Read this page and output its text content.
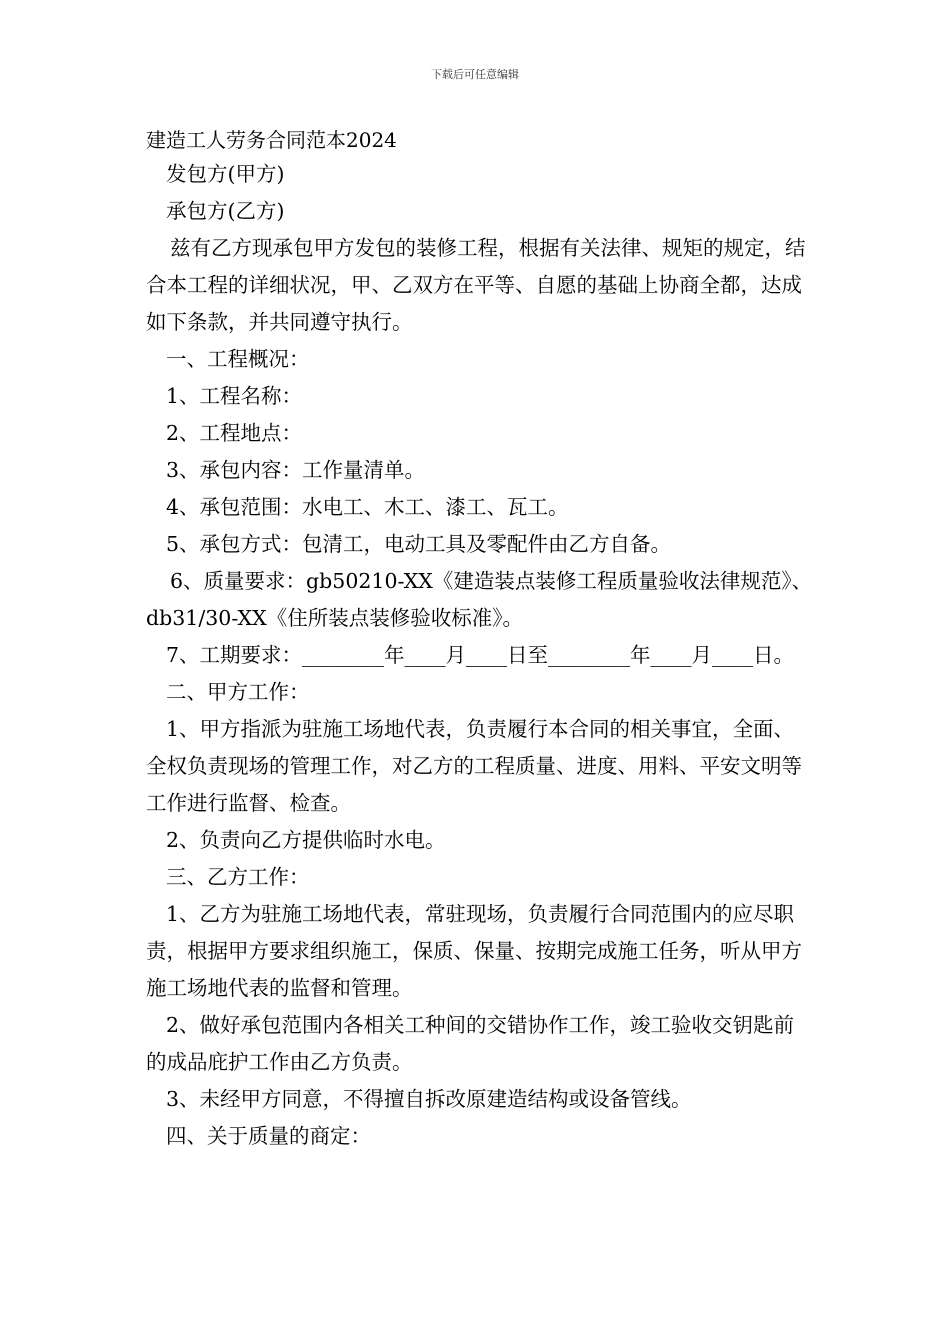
下载后可任意编辑
建造工人劳务合同范本2024

发包方(甲方)

承包方(乙方)

兹有乙方现承包甲方发包的装修工程，根据有关法律、规矩的规定，结合本工程的详细状况，甲、乙双方在平等、自愿的基础上协商全都，达成如下条款，并共同遵守执行。

一、工程概况：

1、工程名称：

2、工程地点：

3、承包内容：工作量清单。

4、承包范围：水电工、木工、漆工、瓦工。

5、承包方式：包清工，电动工具及零配件由乙方自备。

6、质量要求：gb50210-XX《建造装点装修工程质量验收法律规范》、db31/30-XX《住所装点装修验收标准》。

7、工期要求：________年____月____日至________年____月____日。

二、甲方工作：

1、甲方指派为驻施工场地代表，负责履行本合同的相关事宜，全面、全权负责现场的管理工作，对乙方的工程质量、进度、用料、平安文明等工作进行监督、检查。

2、负责向乙方提供临时水电。

三、乙方工作：

1、乙方为驻施工场地代表，常驻现场，负责履行合同范围内的应尽职责，根据甲方要求组织施工，保质、保量、按期完成施工任务，听从甲方施工场地代表的监督和管理。

2、做好承包范围内各相关工种间的交错协作工作，竣工验收交钥匙前的成品庇护工作由乙方负责。

3、未经甲方同意，不得擅自拆改原建造结构或设备管线。

四、关于质量的商定：
